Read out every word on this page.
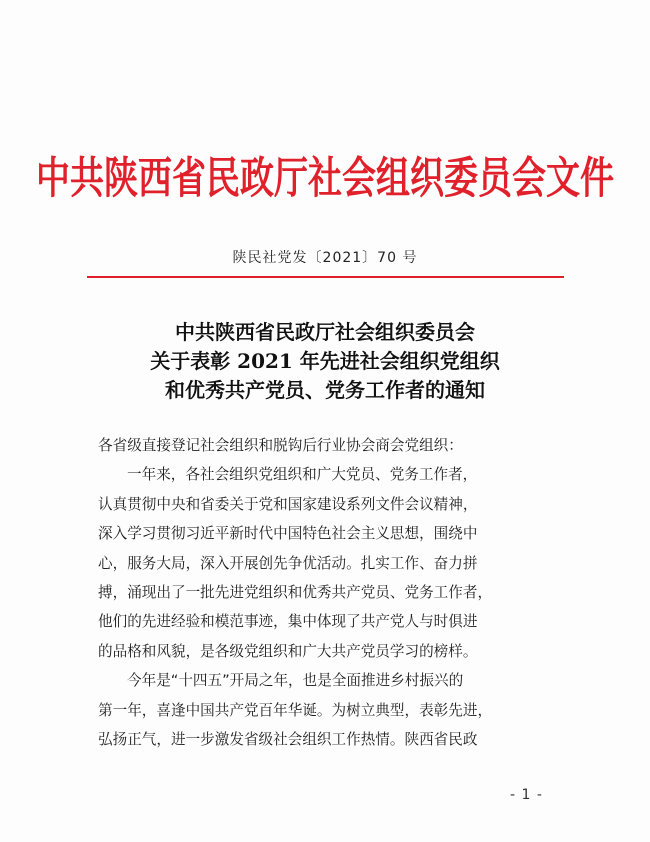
中共陕西省民政厅社会组织委员会文件
陕民社党发〔2021〕70 号
中共陕西省民政厅社会组织委员会
关于表彰 2021 年先进社会组织党组织
和优秀共产党员、党务工作者的通知
各省级直接登记社会组织和脱钩后行业协会商会党组织：
一年来，各社会组织党组织和广大党员、党务工作者，
认真贯彻中央和省委关于党和国家建设系列文件会议精神，
深入学习贯彻习近平新时代中国特色社会主义思想，围绕中
心，服务大局，深入开展创先争优活动。扎实工作、奋力拼
搏，涌现出了一批先进党组织和优秀共产党员、党务工作者，
他们的先进经验和模范事迹，集中体现了共产党人与时俱进
的品格和风貌，是各级党组织和广大共产党员学习的榜样。
今年是“十四五”开局之年，也是全面推进乡村振兴的
第一年，喜逢中国共产党百年华诞。为树立典型，表彰先进，
弘扬正气，进一步激发省级社会组织工作热情。陕西省民政
- 1 -
